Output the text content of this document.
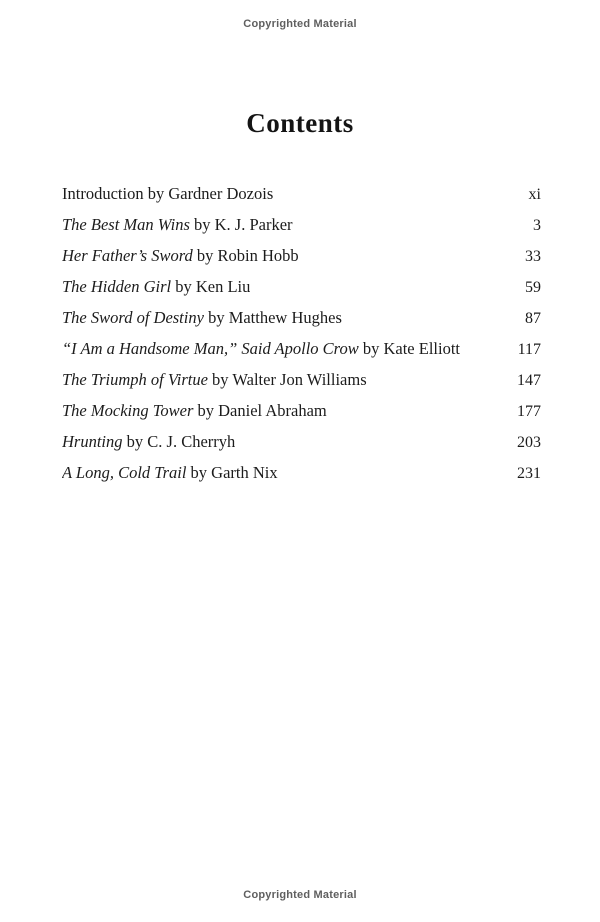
Copyrighted Material
Contents
Introduction by Gardner Dozois	xi
The Best Man Wins by K. J. Parker	3
Her Father’s Sword by Robin Hobb	33
The Hidden Girl by Ken Liu	59
The Sword of Destiny by Matthew Hughes	87
“I Am a Handsome Man,” Said Apollo Crow by Kate Elliott	117
The Triumph of Virtue by Walter Jon Williams	147
The Mocking Tower by Daniel Abraham	177
Hrunting by C. J. Cherryh	203
A Long, Cold Trail by Garth Nix	231
Copyrighted Material
